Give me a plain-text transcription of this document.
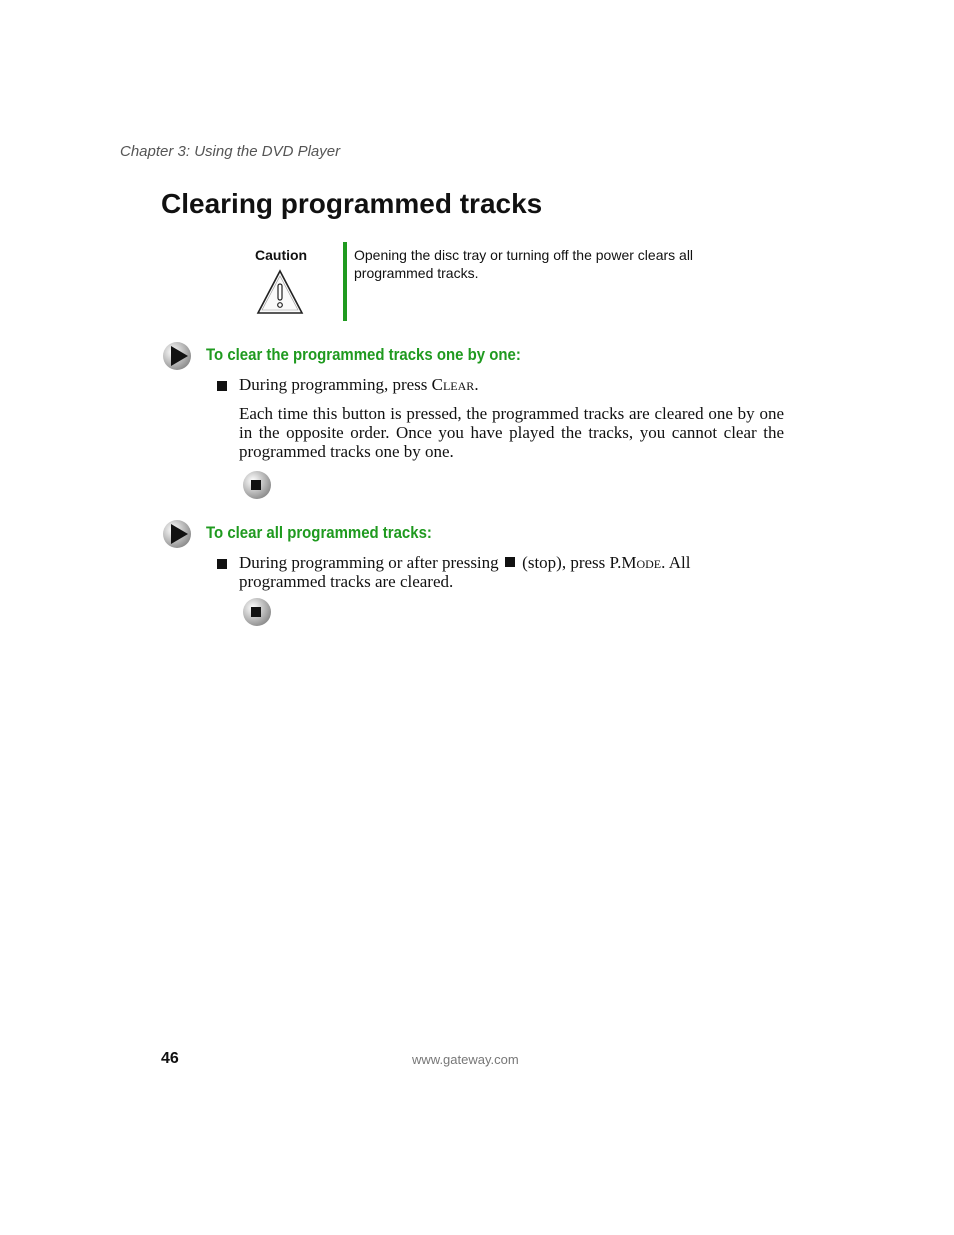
Chapter 3: Using the DVD Player
Clearing programmed tracks
Caution	Opening the disc tray or turning off the power clears all programmed tracks.
To clear the programmed tracks one by one:
During programming, press Clear.
Each time this button is pressed, the programmed tracks are cleared one by one in the opposite order. Once you have played the tracks, you cannot clear the programmed tracks one by one.
To clear all programmed tracks:
During programming or after pressing  (stop), press P.Mode. All programmed tracks are cleared.
46	www.gateway.com
